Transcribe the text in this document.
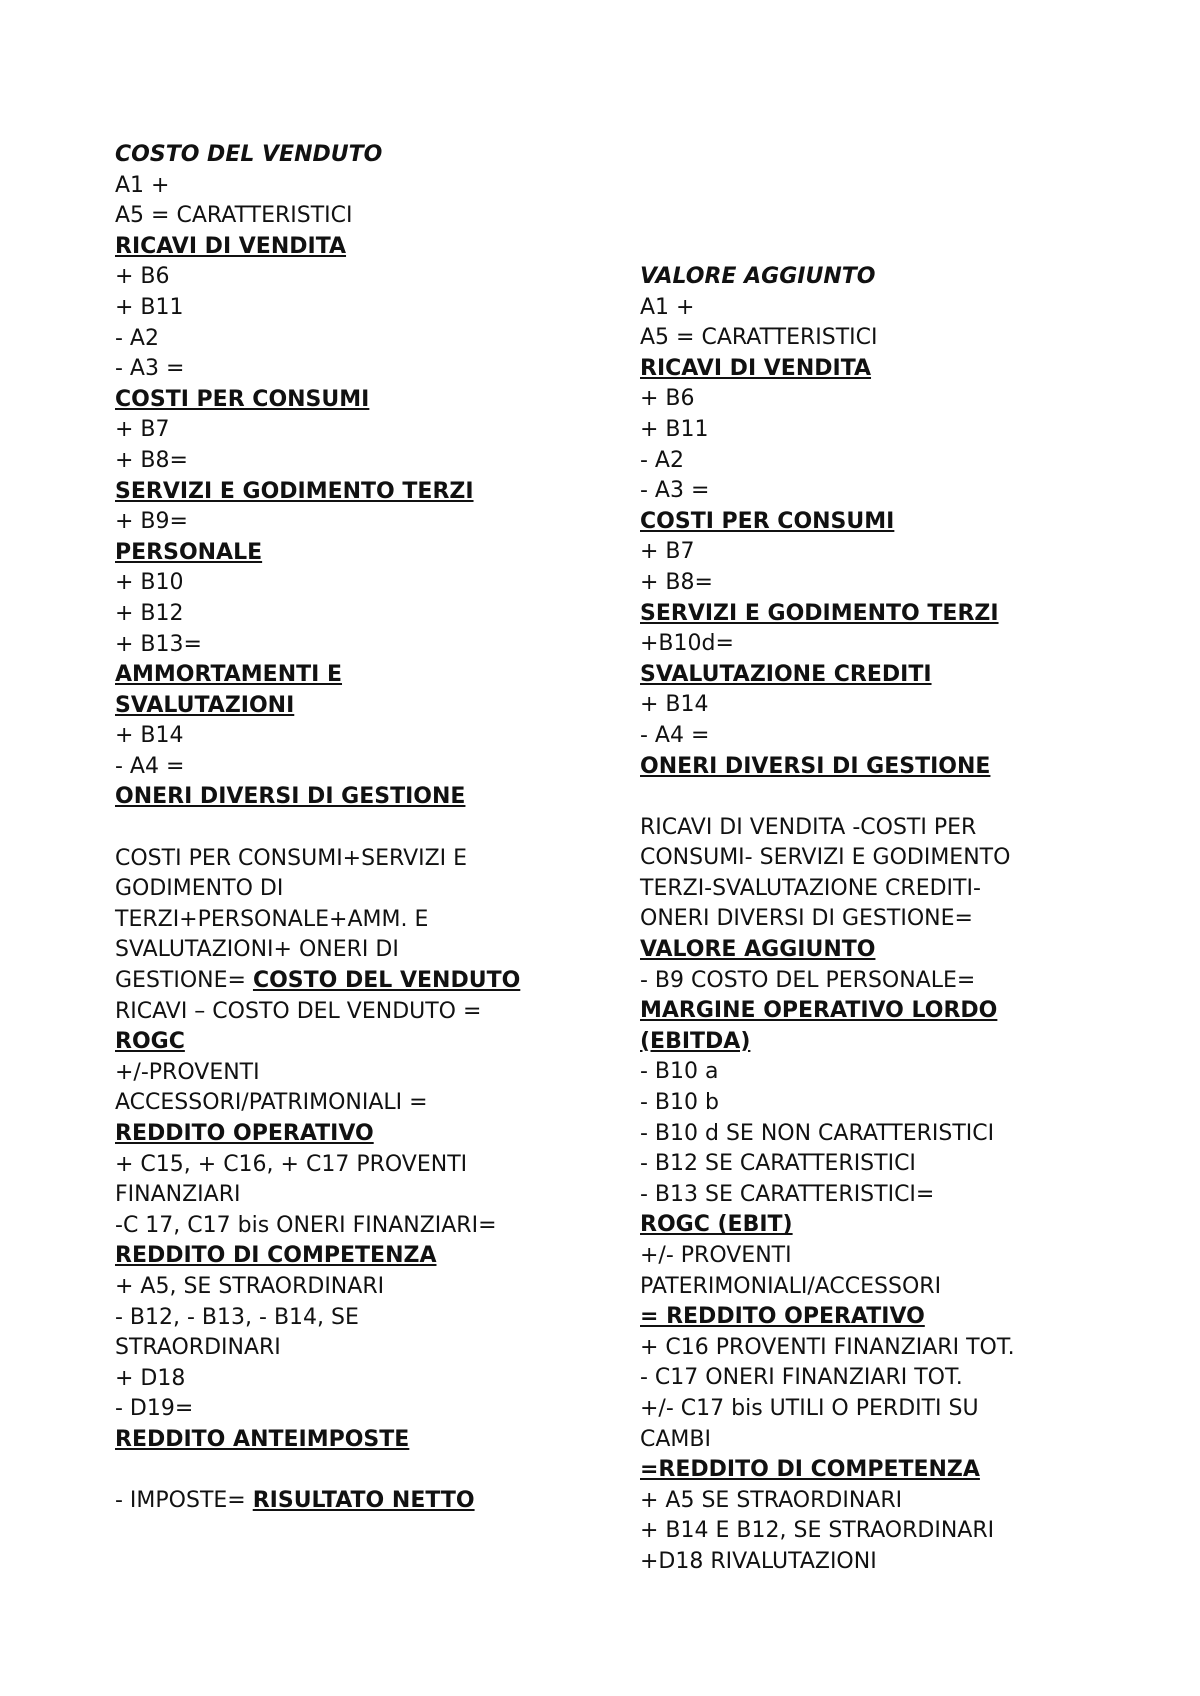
COSTO DEL VENDUTO
A1 +
A5 = CARATTERISTICI
RICAVI DI VENDITA
+ B6
+ B11
- A2
- A3 =
COSTI PER CONSUMI
+ B7
+ B8=
SERVIZI E GODIMENTO TERZI
+ B9=
PERSONALE
+ B10
+ B12
+ B13=
AMMORTAMENTI E
SVALUTAZIONI
+ B14
- A4 =
ONERI DIVERSI DI GESTIONE
COSTI PER CONSUMI+SERVIZI E
GODIMENTO DI
TERZI+PERSONALE+AMM. E
SVALUTAZIONI+ ONERI DI
GESTIONE= COSTO DEL VENDUTO
RICAVI – COSTO DEL VENDUTO =
ROGC
+/-PROVENTI
ACCESSORI/PATRIMONIALI =
REDDITO OPERATIVO
+ C15, + C16, + C17 PROVENTI
FINANZIARI
-C 17, C17 bis ONERI FINANZIARI=
REDDITO DI COMPETENZA
+ A5, SE STRAORDINARI
- B12, - B13, - B14, SE
STRAORDINARI
+ D18
- D19=
REDDITO ANTEIMPOSTE
- IMPOSTE= RISULTATO NETTO
VALORE AGGIUNTO
A1 +
A5 = CARATTERISTICI
RICAVI DI VENDITA
+ B6
+ B11
- A2
- A3 =
COSTI PER CONSUMI
+ B7
+ B8=
SERVIZI E GODIMENTO TERZI
+B10d=
SVALUTAZIONE CREDITI
+ B14
- A4 =
ONERI DIVERSI DI GESTIONE
RICAVI DI VENDITA -COSTI PER
CONSUMI- SERVIZI E GODIMENTO
TERZI-SVALUTAZIONE CREDITI-
ONERI DIVERSI DI GESTIONE=
VALORE AGGIUNTO
- B9 COSTO DEL PERSONALE=
MARGINE OPERATIVO LORDO
(EBITDA)
- B10 a
- B10 b
- B10 d SE NON CARATTERISTICI
- B12 SE CARATTERISTICI
- B13 SE CARATTERISTICI=
ROGC (EBIT)
+/- PROVENTI
PATERIMONIALI/ACCESSORI
= REDDITO OPERATIVO
+ C16 PROVENTI FINANZIARI TOT.
- C17 ONERI FINANZIARI TOT.
+/- C17 bis UTILI O PERDITI SU
CAMBI
=REDDITO DI COMPETENZA
+ A5 SE STRAORDINARI
+ B14 E B12, SE STRAORDINARI
+D18 RIVALUTAZIONI
